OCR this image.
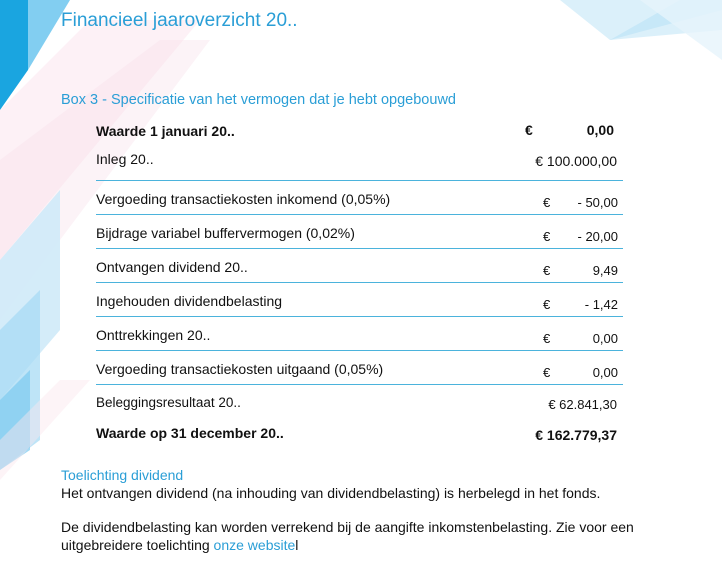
Financieel jaaroverzicht 20..
Box 3 - Specificatie van het vermogen dat je hebt opgebouwd
Waarde 1 januari 20..	€	0,00
Inleg 20..	€ 100.000,00
Vergoeding transactiekosten inkomend (0,05%)	€ - 50,00
Bijdrage variabel buffervermogen (0,02%)	€ - 20,00
Ontvangen dividend 20..	€	9,49
Ingehouden dividendbelasting	€	- 1,42
Onttrekkingen 20..	€	0,00
Vergoeding transactiekosten uitgaand (0,05%)	€	0,00
Beleggingsresultaat 20..	€ 62.841,30
Waarde op 31 december 20..	€ 162.779,37
Toelichting dividend

Het ontvangen dividend (na inhouding van dividendbelasting) is herbelegd in het fonds.

De dividendbelasting kan worden verrekend bij de aangifte inkomstenbelasting. Zie voor een uitgebreidere toelichting onze websitel
